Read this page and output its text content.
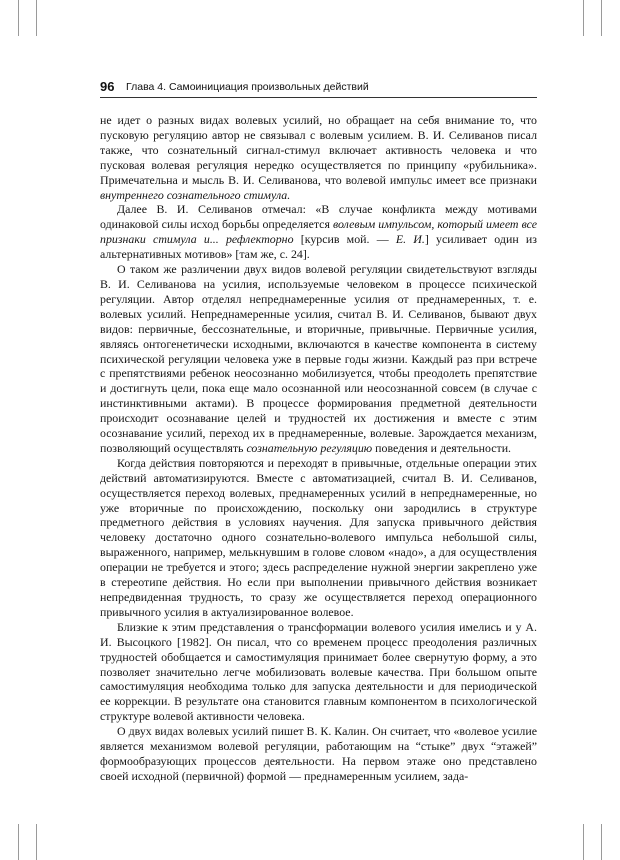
96 Глава 4. Самоинициация произвольных действий

не идет о разных видах волевых усилий, но обращает на себя внимание то, что пусковую регуляцию автор не связывал с волевым усилием. В. И. Селиванов писал также, что сознательный сигнал-стимул включает активность человека и что пусковая волевая регуляция нередко осуществляется по принципу «рубильника». Примечательна и мысль В. И. Селиванова, что волевой импульс имеет все признаки внутреннего сознательного стимула.

Далее В. И. Селиванов отмечал: «В случае конфликта между мотивами одинаковой силы исход борьбы определяется волевым импульсом, который имеет все признаки стимула и... рефлекторно [курсив мой. — Е. И.] усиливает один из альтернативных мотивов» [там же, с. 24].

О таком же различении двух видов волевой регуляции свидетельствуют взгляды В. И. Селиванова на усилия, используемые человеком в процессе психической регуляции. Автор отделял непреднамеренные усилия от преднамеренных, т. е. волевых усилий. Непреднамеренные усилия, считал В. И. Селиванов, бывают двух видов: первичные, бессознательные, и вторичные, привычные. Первичные усилия, являясь онтогенетически исходными, включаются в качестве компонента в систему психической регуляции человека уже в первые годы жизни. Каждый раз при встрече с препятствиями ребенок неосознанно мобилизуется, чтобы преодолеть препятствие и достигнуть цели, пока еще мало осознанной или неосознанной совсем (в случае с инстинктивными актами). В процессе формирования предметной деятельности происходит осознавание целей и трудностей их достижения и вместе с этим осознавание усилий, переход их в преднамеренные, волевые. Зарождается механизм, позволяющий осуществлять сознательную регуляцию поведения и деятельности.

Когда действия повторяются и переходят в привычные, отдельные операции этих действий автоматизируются. Вместе с автоматизацией, считал В. И. Селиванов, осуществляется переход волевых, преднамеренных усилий в непреднамеренные, но уже вторичные по происхождению, поскольку они зародились в структуре предметного действия в условиях научения. Для запуска привычного действия человеку достаточно одного сознательно-волевого импульса небольшой силы, выраженного, например, мелькнувшим в голове словом «надо», а для осуществления операции не требуется и этого; здесь распределение нужной энергии закреплено уже в стереотипе действия. Но если при выполнении привычного действия возникает непредвиденная трудность, то сразу же осуществляется переход операционного привычного усилия в актуализированное волевое.

Близкие к этим представления о трансформации волевого усилия имелись и у А. И. Высоцкого [1982]. Он писал, что со временем процесс преодоления различных трудностей обобщается и самостимуляция принимает более свернутую форму, а это позволяет значительно легче мобилизовать волевые качества. При большом опыте самостимуляция необходима только для запуска деятельности и для периодической ее коррекции. В результате она становится главным компонентом в психологической структуре волевой активности человека.

О двух видах волевых усилий пишет В. К. Калин. Он считает, что «волевое усилие является механизмом волевой регуляции, работающим на “стыке” двух “этажей” формообразующих процессов деятельности. На первом этаже оно представлено своей исходной (первичной) формой — преднамеренным усилием, зада-
